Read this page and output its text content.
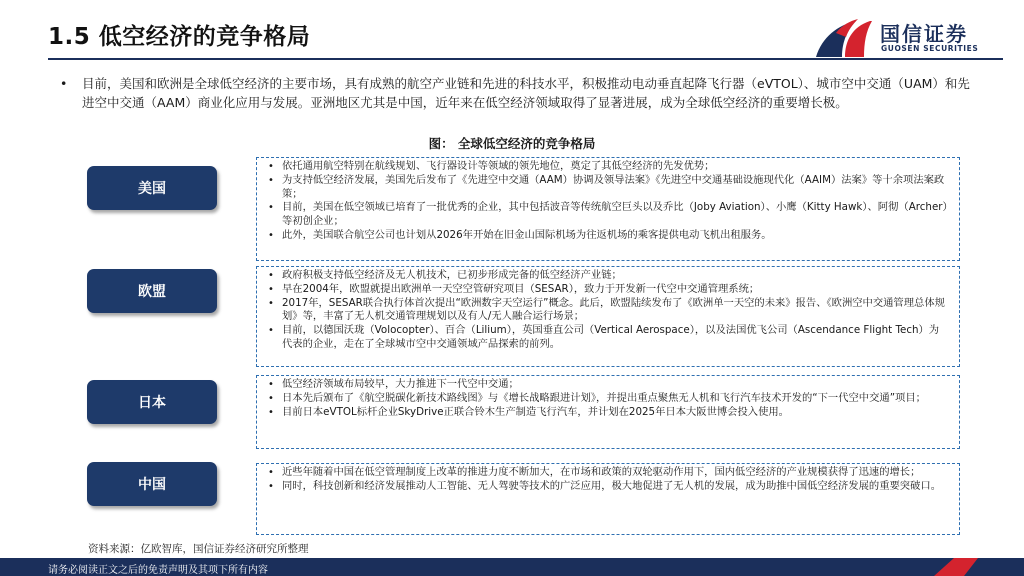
1.5 低空经济的竞争格局	国信证券
GUOSEN SECURITIES
• 目前，美国和欧洲是全球低空经济的主要市场，具有成熟的航空产业链和先进的科技水平，积极推动电动垂直起降飞行器（eVTOL）、城市空中交通（UAM）和先进空中交通（AAM）商业化应用与发展。亚洲地区尤其是中国，近年来在低空经济领域取得了显著进展，成为全球低空经济的重要增长极。

图： 全球低空经济的竞争格局
美国
• 依托通用航空特别在航线规划、飞行器设计等领域的领先地位，奠定了其低空经济的先发优势；
• 为支持低空经济发展，美国先后发布了《先进空中交通（AAM）协调及领导法案》《先进空中交通基础设施现代化（AAIM）法案》等十余项法案政策；
• 目前，美国在低空领域已培育了一批优秀的企业，其中包括波音等传统航空巨头以及乔比（Joby Aviation）、小鹰（Kitty Hawk）、阿彻（Archer）等初创企业；
• 此外，美国联合航空公司也计划从2026年开始在旧金山国际机场为往返机场的乘客提供电动飞机出租服务。
欧盟
• 政府积极支持低空经济及无人机技术，已初步形成完备的低空经济产业链；
• 早在2004年，欧盟就提出欧洲单一天空空管研究项目（SESAR），致力于开发新一代空中交通管理系统；
• 2017年，SESAR联合执行体首次提出“欧洲数字天空运行”概念。此后，欧盟陆续发布了《欧洲单一天空的未来》报告、《欧洲空中交通管理总体规划》等，丰富了无人机交通管理规划以及有人/无人融合运行场景；
• 目前，以德国沃珑（Volocopter）、百合（Lilium），英国垂直公司（Vertical Aerospace），以及法国优飞公司（Ascendance Flight Tech）为代表的企业，走在了全球城市空中交通领域产品探索的前列。
日本
• 低空经济领域布局较早，大力推进下一代空中交通；
• 日本先后颁布了《航空脱碳化新技术路线图》与《增长战略跟进计划》，并提出重点聚焦无人机和飞行汽车技术开发的“下一代空中交通”项目；
• 目前日本eVTOL标杆企业SkyDrive正联合铃木生产制造飞行汽车，并计划在2025年日本大阪世博会投入使用。
中国
• 近些年随着中国在低空管理制度上改革的推进力度不断加大，在市场和政策的双轮驱动作用下，国内低空经济的产业规模获得了迅速的增长；
• 同时，科技创新和经济发展推动人工智能、无人驾驶等技术的广泛应用，极大地促进了无人机的发展，成为助推中国低空经济发展的重要突破口。
资料来源：亿欧智库，国信证券经济研究所整理
请务必阅读正文之后的免责声明及其项下所有内容
